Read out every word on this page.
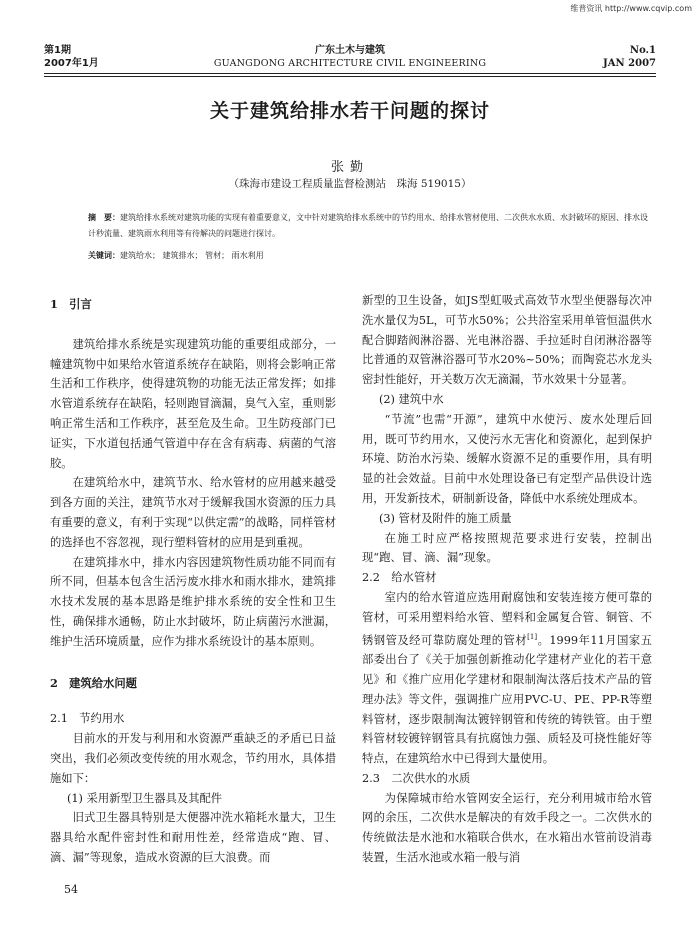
维普资讯 http://www.cqvip.com
第1期
2007年1月
广东土木与建筑
GUANGDONG ARCHITECTURE CIVIL ENGINEERING
No.1
JAN 2007
关于建筑给排水若干问题的探讨
张勤
（珠海市建设工程质量监督检测站　珠海 519015）
摘　要：建筑给排水系统对建筑功能的实现有着重要意义，文中针对建筑给排水系统中的节约用水、给排水管材使用、二次供水水质、水封破坏的原因、排水设计秒流量、建筑雨水利用等有待解决的问题进行探讨。
关键词：建筑给水； 建筑排水； 管材； 雨水利用
1　引言

建筑给排水系统是实现建筑功能的重要组成部分，一幢建筑物中如果给水管道系统存在缺陷，则将会影响正常生活和工作秩序，使得建筑物的功能无法正常发挥；如排水管道系统存在缺陷，轻则跑冒滴漏，臭气入室，重则影响正常生活和工作秩序，甚至危及生命。卫生防疫部门已证实，下水道包括通气管道中存在含有病毒、病菌的气溶胶。

在建筑给水中，建筑节水、给水管材的应用越来越受到各方面的关注，建筑节水对于缓解我国水资源的压力具有重要的意义，有利于实现“以供定需”的战略，同样管材的选择也不容忽视，现行塑料管材的应用是到重视。

在建筑排水中，排水内容因建筑物性质功能不同而有所不同，但基本包含生活污废水排水和雨水排水，建筑排水技术发展的基本思路是维护排水系统的安全性和卫生性，确保排水通畅，防止水封破坏，防止病菌污水泄漏，维护生活环境质量，应作为排水系统设计的基本原则。

2　建筑给水问题
2.1　节约用水

目前水的开发与利用和水资源严重缺乏的矛盾已日益突出，我们必须改变传统的用水观念，节约用水，具体措施如下：

(1) 采用新型卫生器具及其配件

旧式卫生器具特别是大便器冲洗水箱耗水量大，卫生器具给水配件密封性和耐用性差，经常造成“跑、冒、滴、漏”等现象，造成水资源的巨大浪费。而

新型的卫生设备，如JS型虹吸式高效节水型坐便器每次冲洗水量仅为5L，可节水50%；公共浴室采用单管恒温供水配合脚踏阀淋浴器、光电淋浴器、手拉延时自闭淋浴器等比普通的双管淋浴器可节水20%~50%；而陶瓷芯水龙头密封性能好，开关数万次无滴漏，节水效果十分显著。

(2) 建筑中水

“节流”也需“开源”，建筑中水使污、废水处理后回用，既可节约用水，又使污水无害化和资源化，起到保护环境、防治水污染、缓解水资源不足的重要作用，具有明显的社会效益。目前中水处理设备已有定型产品供设计选用，开发新技术，研制新设备，降低中水系统处理成本。

(3) 管材及附件的施工质量

在施工时应严格按照规范要求进行安装，控制出现“跑、冒、滴、漏”现象。

2.2　给水管材

室内的给水管道应选用耐腐蚀和安装连接方便可靠的管材，可采用塑料给水管、塑料和金属复合管、铜管、不锈钢管及经可靠防腐处理的管材[1]。1999年11月国家五部委出台了《关于加强创新推动化学建材产业化的若干意见》和《推广应用化学建材和限制淘汰落后技术产品的管理办法》等文件，强调推广应用PVC-U、PE、PP-R等塑料管材，逐步限制淘汰镀锌钢管和传统的铸铁管。由于塑料管材较镀锌钢管具有抗腐蚀力强、质轻及可挠性能好等特点，在建筑给水中已得到大量使用。

2.3　二次供水的水质

为保障城市给水管网安全运行，充分利用城市给水管网的余压，二次供水是解决的有效手段之一。二次供水的传统做法是水池和水箱联合供水，在水箱出水管前设消毒装置，生活水池或水箱一般与消

54
